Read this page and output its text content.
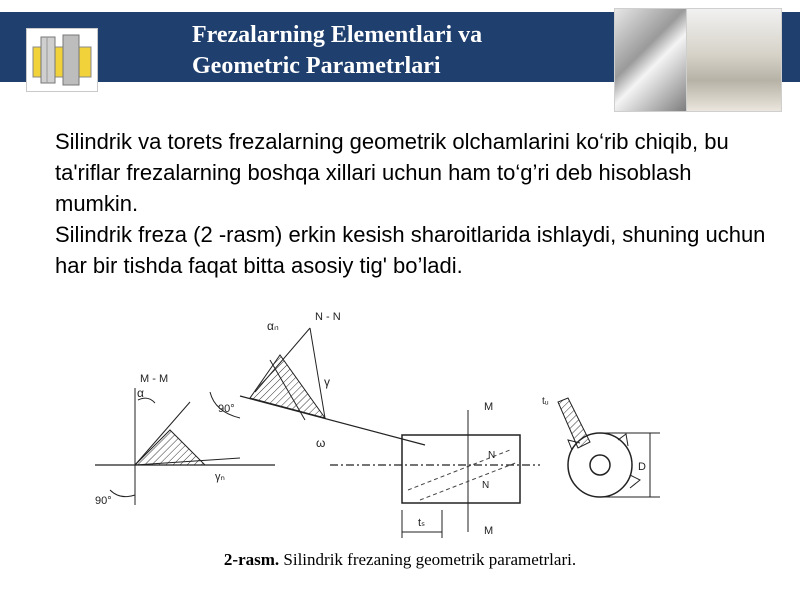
Frezalarning Elementlari va
Geometric Parametrlari

Silindrik va torets frezalarning geometrik olchamlarini ko‘rib chiqib, bu ta'riflar frezalarning boshqa xillari uchun ham to‘g’ri deb hisoblash mumkin.

Silindrik freza (2 -rasm) erkin kesish sharoitlarida ishlaydi, shuning uchun har bir tishda faqat bitta asosiy tig' bo’ladi.

M - M
α
90°
γₙ
αₙ
N - N
90°
γ
ω
M
M
N
N
tₛ
D
tᵤ
2-rasm. Silindrik frezaning geometrik parametrlari.
